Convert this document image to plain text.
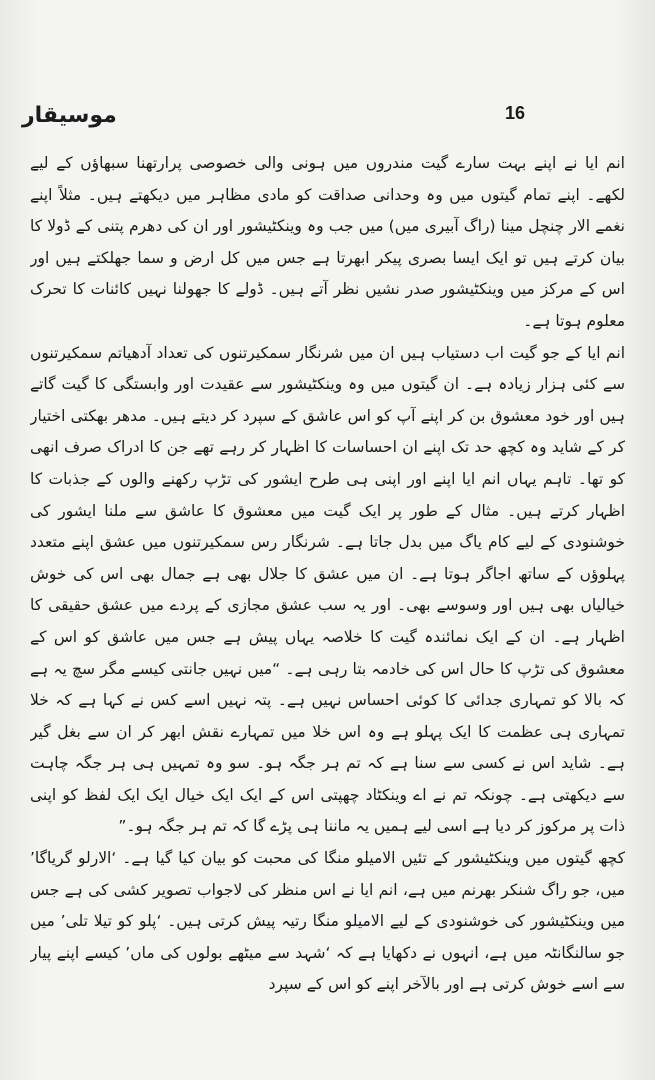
موسیقار	16

انم ایا نے اپنے بہت سارے گیت مندروں میں ہونی والی خصوصی پرارتھنا سبھاؤں کے لیے لکھے۔ اپنے تمام گیتوں میں وہ وحدانی صداقت کو مادی مظاہر میں دیکھتے ہیں۔ مثلاً اپنے نغمے الار چنچل مینا (راگ آبیری میں) میں جب وہ وینکٹیشور اور ان کی دھرم پتنی کے ڈولا کا بیان کرتے ہیں تو ایک ایسا بصری پیکر ابھرتا ہے جس میں کل ارض و سما جھلکتے ہیں اور اس کے مرکز میں وینکٹیشور صدر نشیں نظر آتے ہیں۔ ڈولے کا جھولنا نہیں کائنات کا تحرک معلوم ہوتا ہے۔

انم ایا کے جو گیت اب دستیاب ہیں ان میں شرنگار سمکیرتنوں کی تعداد آدھیاتم سمکیرتنوں سے کئی ہزار زیادہ ہے۔ ان گیتوں میں وہ وینکٹیشور سے عقیدت اور وابستگی کا گیت گاتے ہیں اور خود معشوق بن کر اپنے آپ کو اس عاشق کے سپرد کر دیتے ہیں۔ مدھر بھکتی اختیار کر کے شاید وہ کچھ حد تک اپنے ان احساسات کا اظہار کر رہے تھے جن کا ادراک صرف انھی کو تھا۔ تاہم یہاں انم ایا اپنے اور اپنی ہی طرح ایشور کی تڑپ رکھنے والوں کے جذبات کا اظہار کرتے ہیں۔ مثال کے طور پر ایک گیت میں معشوق کا عاشق سے ملنا ایشور کی خوشنودی کے لیے کام یاگ میں بدل جاتا ہے۔ شرنگار رس سمکیرتنوں میں عشق اپنے متعدد پہلوؤں کے ساتھ اجاگر ہوتا ہے۔ ان میں عشق کا جلال بھی ہے جمال بھی اس کی خوش خیالیاں بھی ہیں اور وسوسے بھی۔ اور یہ سب عشق مجازی کے پردے میں عشق حقیقی کا اظہار ہے۔ ان کے ایک نمائندہ گیت کا خلاصہ یہاں پیش ہے جس میں عاشق کو اس کے معشوق کی تڑپ کا حال اس کی خادمہ بتا رہی ہے۔ “میں نہیں جانتی کیسے مگر سچ یہ ہے کہ بالا کو تمہاری جدائی کا کوئی احساس نہیں ہے۔ پتہ نہیں اسے کس نے کہا ہے کہ خلا تمہاری ہی عظمت کا ایک پہلو ہے وہ اس خلا میں تمہارے نقش ابھر کر ان سے بغل گیر ہے۔ شاید اس نے کسی سے سنا ہے کہ تم ہر جگہ ہو۔ سو وہ تمہیں ہی ہر جگہ چاہت سے دیکھتی ہے۔ چونکہ تم نے اے وینکٹاد چھپتی اس کے ایک ایک خیال ایک ایک لفظ کو اپنی ذات پر مرکوز کر دیا ہے اسی لیے ہمیں یہ ماننا ہی پڑے گا کہ تم ہر جگہ ہو۔”

کچھ گیتوں میں وینکٹیشور کے تئیں الامیلو منگا کی محبت کو بیان کیا گیا ہے۔ ‘الارلو گریاگا’ میں، جو راگ شنکر بھرنم میں ہے، انم ایا نے اس منظر کی لاجواب تصویر کشی کی ہے جس میں وینکٹیشور کی خوشنودی کے لیے الامیلو منگا رتیہ پیش کرتی ہیں۔ ‘پلو کو تیلا تلی’ میں جو سالنگانٹہ میں ہے، انہوں نے دکھایا ہے کہ ‘شہد سے میٹھے بولوں کی ماں’ کیسے اپنے پیار سے اسے خوش کرتی ہے اور بالآخر اپنے کو اس کے سپرد
